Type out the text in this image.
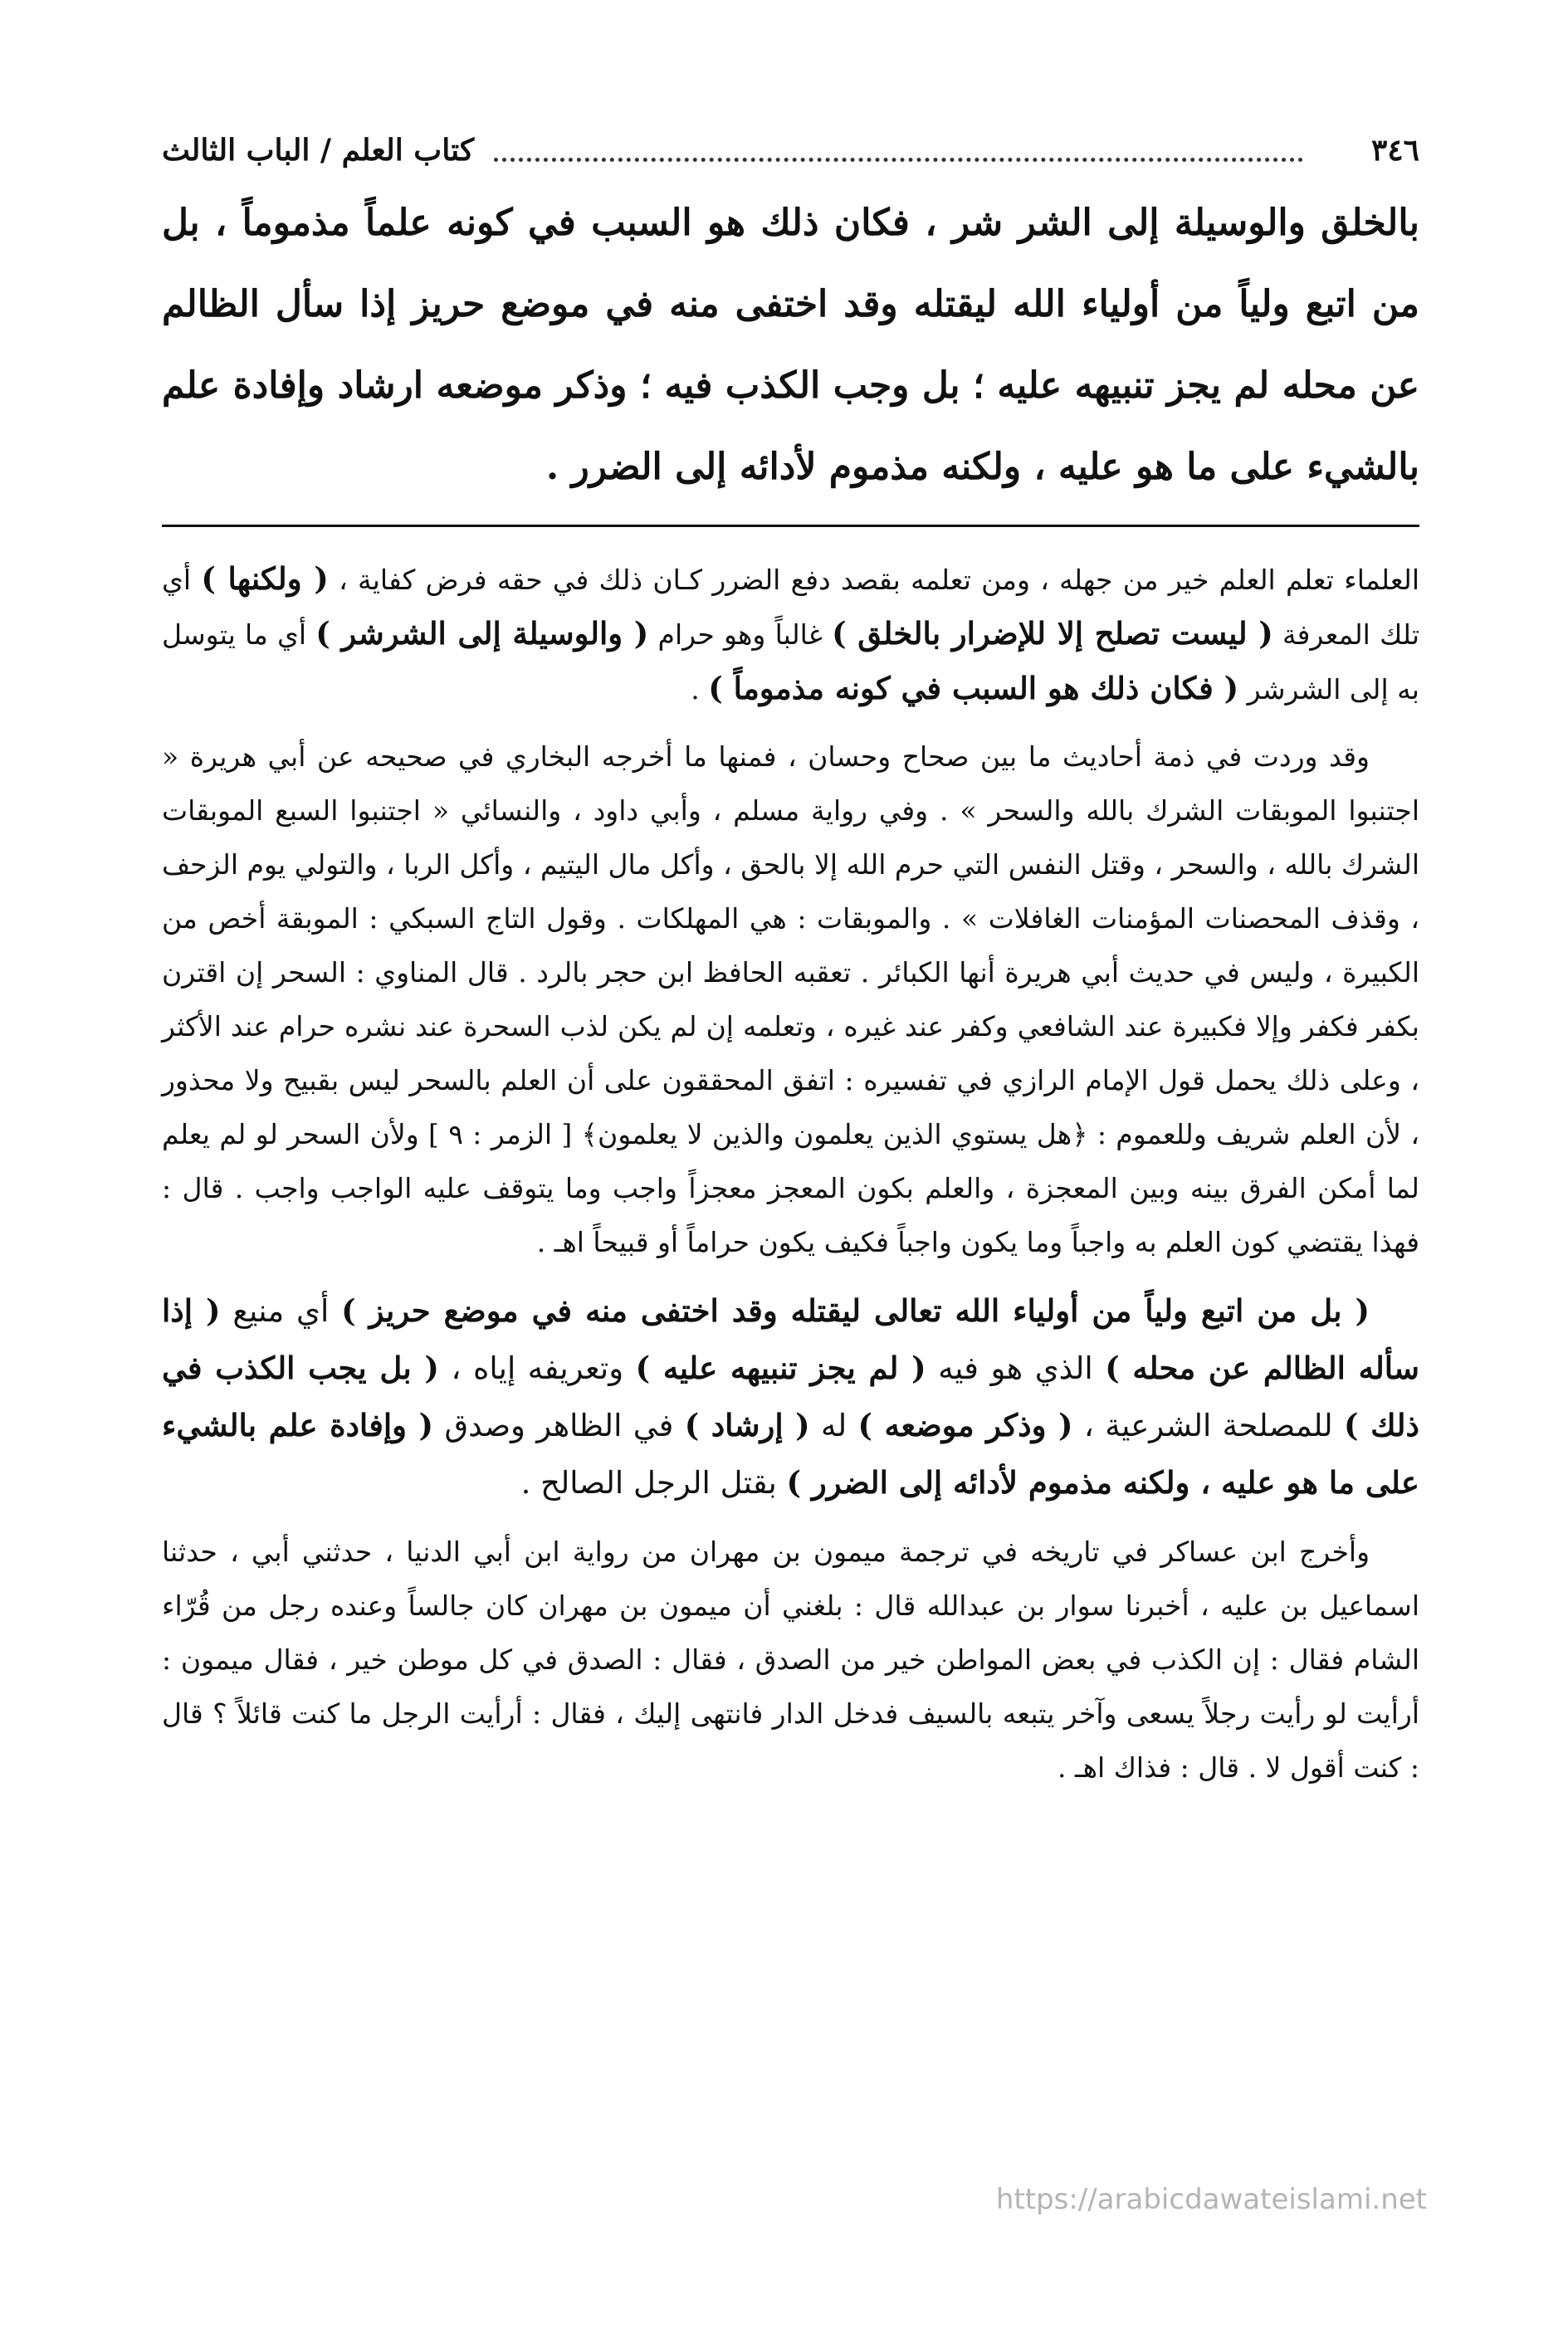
٣٤٦
كتاب العلم / الباب الثالث

بالخلق والوسيلة إلى الشر شر ، فكان ذلك هو السبب في كونه علماً مذموماً ، بل من اتبع ولياً من أولياء الله ليقتله وقد اختفى منه في موضع حريز إذا سأل الظالم عن محله لم يجز تنبيهه عليه ؛ بل وجب الكذب فيه ؛ وذكر موضعه ارشاد وإفادة علم بالشيء على ما هو عليه ، ولكنه مذموم لأدائه إلى الضرر .

العلماء تعلم العلم خير من جهله ، ومن تعلمه بقصد دفع الضرر كـان ذلك في حقه فرض كفاية ، ( ولكنها ) أي تلك المعرفة ( ليست تصلح إلا للإضرار بالخلق ) غالباً وهو حرام ( والوسيلة إلى الشرشر ) أي ما يتوسل به إلى الشرشر ( فكان ذلك هو السبب في كونه مذموماً ) .

وقد وردت في ذمة أحاديث ما بين صحاح وحسان ، فمنها ما أخرجه البخاري في صحيحه عن أبي هريرة « اجتنبوا الموبقات الشرك بالله والسحر » . وفي رواية مسلم ، وأبي داود ، والنسائي « اجتنبوا السبع الموبقات الشرك بالله ، والسحر ، وقتل النفس التي حرم الله إلا بالحق ، وأكل مال اليتيم ، وأكل الربا ، والتولي يوم الزحف ، وقذف المحصنات المؤمنات الغافلات » . والموبقات : هي المهلكات . وقول التاج السبكي : الموبقة أخص من الكبيرة ، وليس في حديث أبي هريرة أنها الكبائر . تعقبه الحافظ ابن حجر بالرد . قال المناوي : السحر إن اقترن بكفر فكفر وإلا فكبيرة عند الشافعي وكفر عند غيره ، وتعلمه إن لم يكن لذب السحرة عند نشره حرام عند الأكثر ، وعلى ذلك يحمل قول الإمام الرازي في تفسيره : اتفق المحققون على أن العلم بالسحر ليس بقبيح ولا محذور ، لأن العلم شريف وللعموم : ﴿هل يستوي الذين يعلمون والذين لا يعلمون﴾ [ الزمر : ٩ ] ولأن السحر لو لم يعلم لما أمكن الفرق بينه وبين المعجزة ، والعلم بكون المعجز معجزاً واجب وما يتوقف عليه الواجب واجب . قال : فهذا يقتضي كون العلم به واجباً وما يكون واجباً فكيف يكون حراماً أو قبيحاً اهـ .

( بل من اتبع ولياً من أولياء الله تعالى ليقتله وقد اختفى منه في موضع حريز ) أي منيع ( إذا سأله الظالم عن محله ) الذي هو فيه ( لم يجز تنبيهه عليه ) وتعريفه إياه ، ( بل يجب الكذب في ذلك ) للمصلحة الشرعية ، ( وذكر موضعه ) له ( إرشاد ) في الظاهر وصدق ( وإفادة علم بالشيء على ما هو عليه ، ولكنه مذموم لأدائه إلى الضرر ) بقتل الرجل الصالح .

وأخرج ابن عساكر في تاريخه في ترجمة ميمون بن مهران من رواية ابن أبي الدنيا ، حدثني أبي ، حدثنا اسماعيل بن عليه ، أخبرنا سوار بن عبدالله قال : بلغني أن ميمون بن مهران كان جالساً وعنده رجل من قُرّاء الشام فقال : إن الكذب في بعض المواطن خير من الصدق ، فقال : الصدق في كل موطن خير ، فقال ميمون : أرأيت لو رأيت رجلاً يسعى وآخر يتبعه بالسيف فدخل الدار فانتهى إليك ، فقال : أرأيت الرجل ما كنت قائلاً ؟ قال : كنت أقول لا . قال : فذاك اهـ .

https://arabicdawateislami.net
